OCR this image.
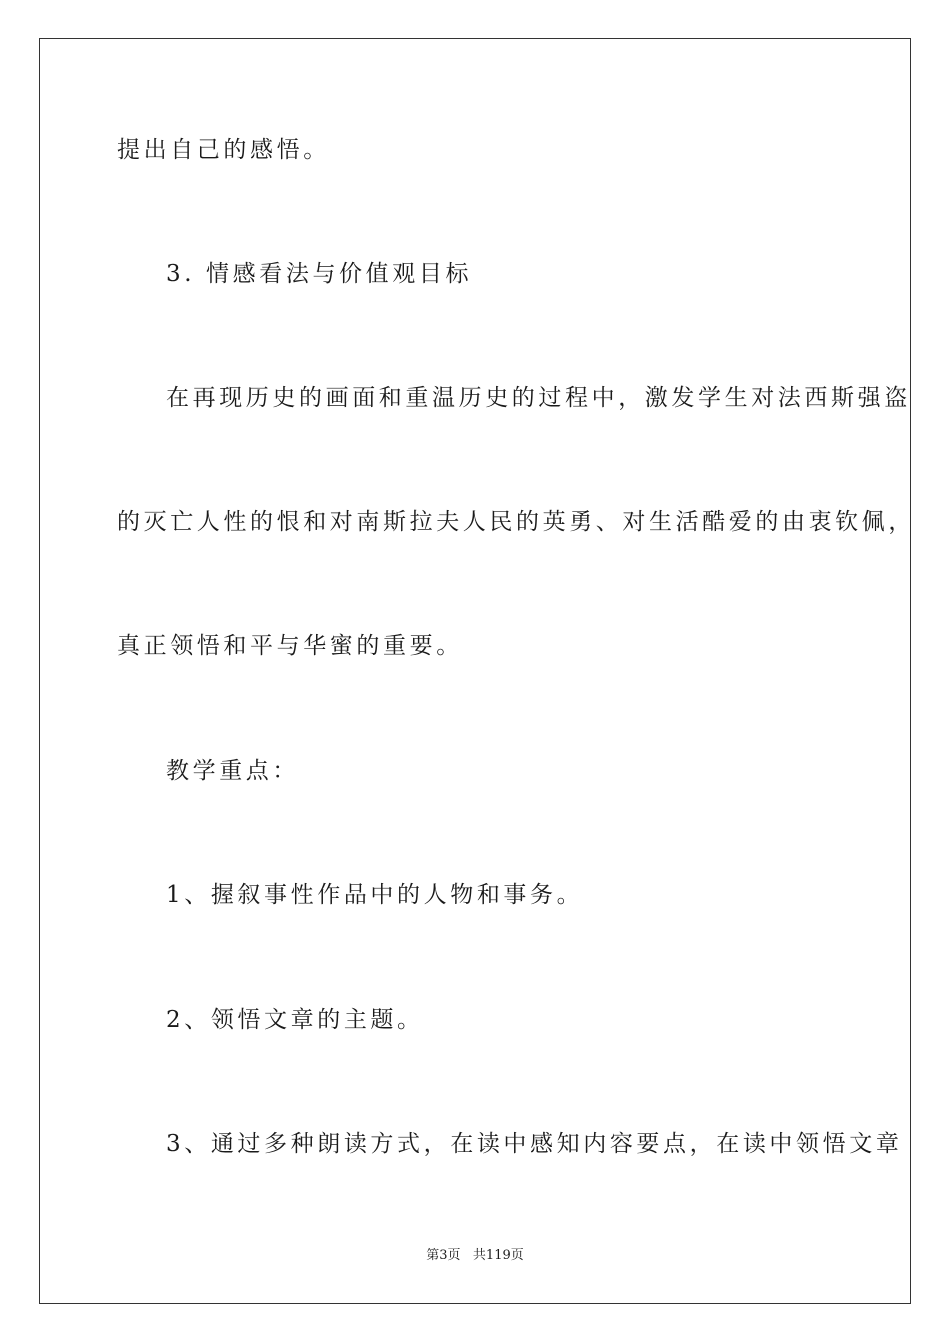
提出自己的感悟。
3. 情感看法与价值观目标
在再现历史的画面和重温历史的过程中，激发学生对法西斯强盗
的灭亡人性的恨和对南斯拉夫人民的英勇、对生活酷爱的由衷钦佩，
真正领悟和平与华蜜的重要。
教学重点：
1、握叙事性作品中的人物和事务。
2、领悟文章的主题。
3、通过多种朗读方式，在读中感知内容要点，在读中领悟文章
第3页   共119页
